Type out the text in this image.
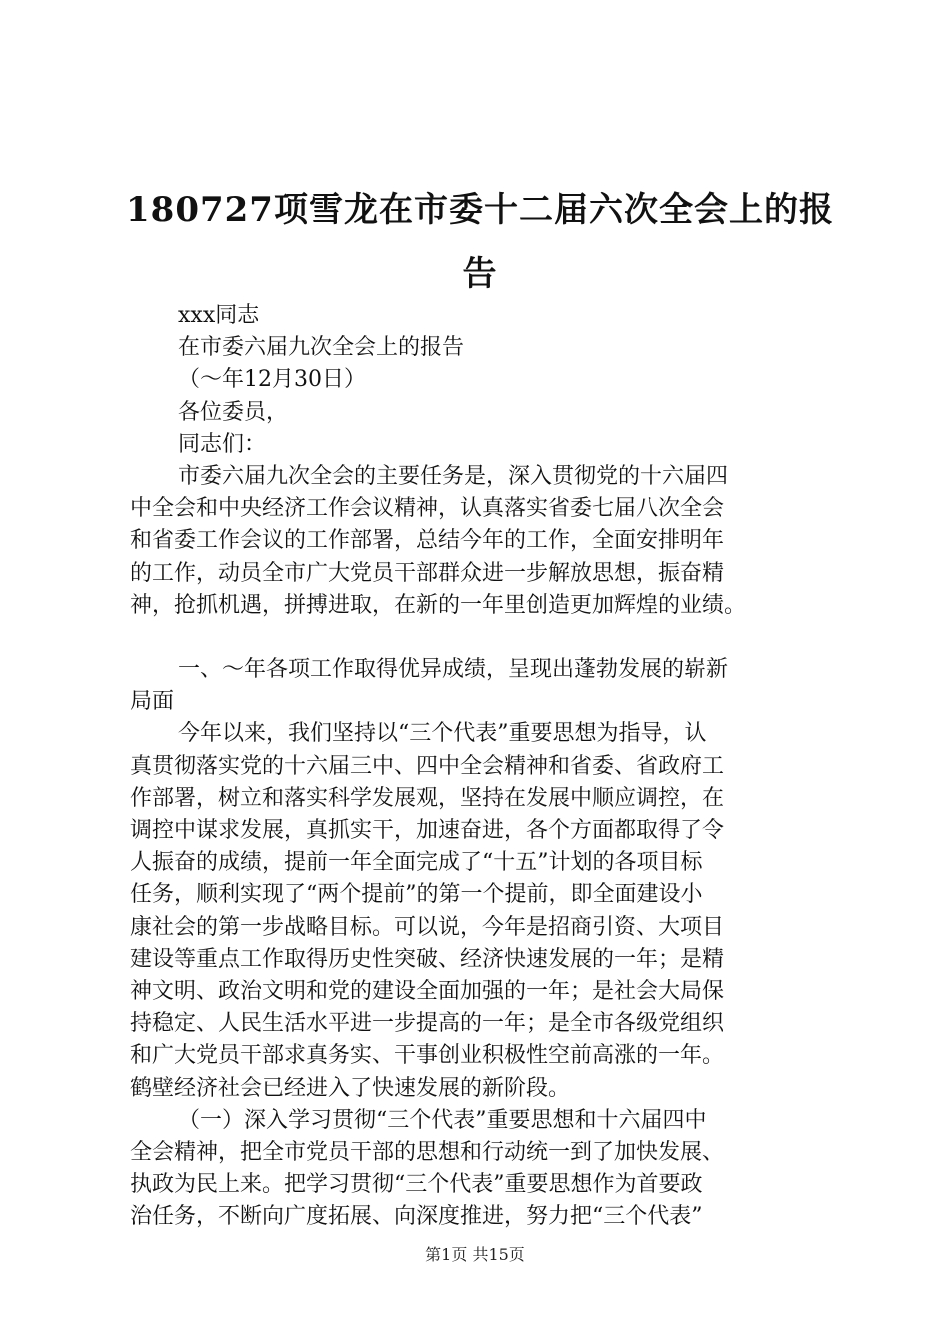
180727项雪龙在市委十二届六次全会上的报
告
xxx同志
在市委六届九次全会上的报告
（～年12月30日）
各位委员，
同志们：
市委六届九次全会的主要任务是，深入贯彻党的十六届四
中全会和中央经济工作会议精神，认真落实省委七届八次全会
和省委工作会议的工作部署，总结今年的工作，全面安排明年
的工作，动员全市广大党员干部群众进一步解放思想，振奋精
神，抢抓机遇，拼搏进取，在新的一年里创造更加辉煌的业绩。
一、～年各项工作取得优异成绩，呈现出蓬勃发展的崭新
局面
今年以来，我们坚持以“三个代表”重要思想为指导，认
真贯彻落实党的十六届三中、四中全会精神和省委、省政府工
作部署，树立和落实科学发展观，坚持在发展中顺应调控，在
调控中谋求发展，真抓实干，加速奋进，各个方面都取得了令
人振奋的成绩，提前一年全面完成了“十五”计划的各项目标
任务，顺利实现了“两个提前”的第一个提前，即全面建设小
康社会的第一步战略目标。可以说，今年是招商引资、大项目
建设等重点工作取得历史性突破、经济快速发展的一年；是精
神文明、政治文明和党的建设全面加强的一年；是社会大局保
持稳定、人民生活水平进一步提高的一年；是全市各级党组织
和广大党员干部求真务实、干事创业积极性空前高涨的一年。
鹤壁经济社会已经进入了快速发展的新阶段。
（一）深入学习贯彻“三个代表”重要思想和十六届四中
全会精神，把全市党员干部的思想和行动统一到了加快发展、
执政为民上来。把学习贯彻“三个代表”重要思想作为首要政
治任务，不断向广度拓展、向深度推进，努力把“三个代表”
第1页 共15页
